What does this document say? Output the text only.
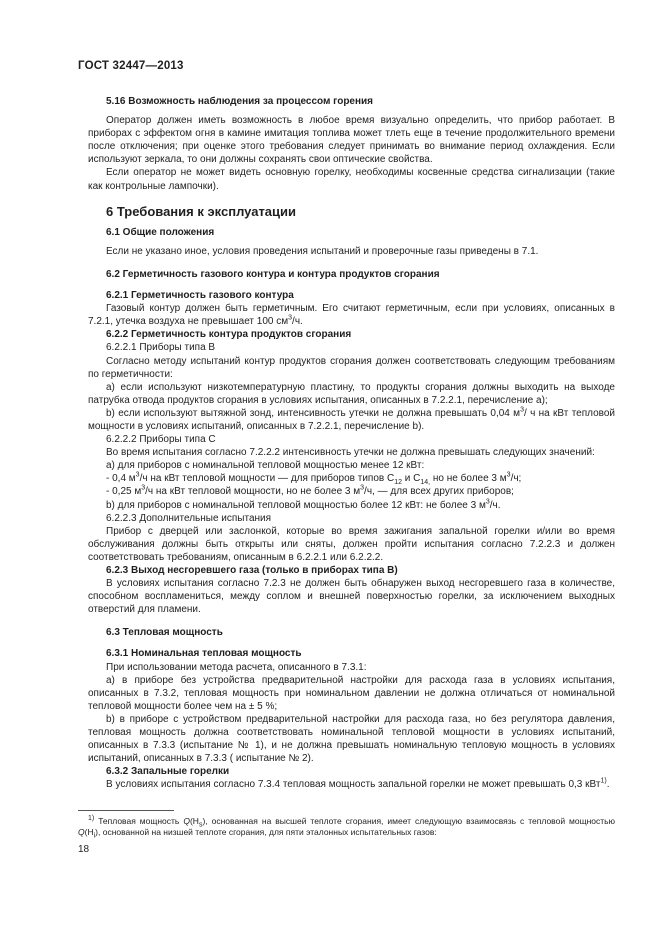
ГОСТ 32447—2013

5.16 Возможность наблюдения за процессом горения

Оператор должен иметь возможность в любое время визуально определить, что прибор работает. В приборах с эффектом огня в камине имитация топлива может тлеть еще в течение продолжительного времени после отключения; при оценке этого требования следует принимать во внимание период охлаждения. Если используют зеркала, то они должны сохранять свои оптические свойства.

Если оператор не может видеть основную горелку, необходимы косвенные средства сигнализации (такие как контрольные лампочки).

6 Требования к эксплуатации

6.1 Общие положения

Если не указано иное, условия проведения испытаний и проверочные газы приведены в 7.1.

6.2 Герметичность газового контура и контура продуктов сгорания

6.2.1 Герметичность газового контура

Газовый контур должен быть герметичным. Его считают герметичным, если при условиях, описанных в 7.2.1, утечка воздуха не превышает 100 $см^3/ч$.

6.2.2 Герметичность контура продуктов сгорания

6.2.2.1 Приборы типа В

Согласно методу испытаний контур продуктов сгорания должен соответствовать следующим требованиям по герметичности:

а) если используют низкотемпературную пластину, то продукты сгорания должны выходить на выходе патрубка отвода продуктов сгорания в условиях испытания, описанных в 7.2.2.1, перечисление а);

b) если используют вытяжной зонд, интенсивность утечки не должна превышать 0,04 $м^3/$ ч на кВт тепловой мощности в условиях испытаний, описанных в 7.2.2.1, перечисление b).

6.2.2.2 Приборы типа С

Во время испытания согласно 7.2.2.2 интенсивность утечки не должна превышать следующих значений:

а) для приборов с номинальной тепловой мощностью менее 12 кВт:

- 0,4 $м^3/ч$ на кВт тепловой мощности — для приборов типов $С_{12}$ и $С_{14,}$ но не более 3 $м^3/ч$;

- 0,25 $м^3/ч$ на кВт тепловой мощности, но не более 3 $м^3/ч$, — для всех других приборов;

b) для приборов с номинальной тепловой мощностью более 12 кВт: не более 3 $м^3/ч$.

6.2.2.3 Дополнительные испытания

Прибор с дверцей или заслонкой, которые во время зажигания запальной горелки и/или во время обслуживания должны быть открыты или сняты, должен пройти испытания согласно 7.2.2.3 и должен соответствовать требованиям, описанным в 6.2.2.1 или 6.2.2.2.

6.2.3 Выход несгоревшего газа (только в приборах типа В)

В условиях испытания согласно 7.2.3 не должен быть обнаружен выход несгоревшего газа в количестве, способном воспламениться, между соплом и внешней поверхностью горелки, за исключением выходных отверстий для пламени.

6.3 Тепловая мощность

6.3.1 Номинальная тепловая мощность

При использовании метода расчета, описанного в 7.3.1:

а) в приборе без устройства предварительной настройки для расхода газа в условиях испытания, описанных в 7.3.2, тепловая мощность при номинальном давлении не должна отличаться от номинальной тепловой мощности более чем на ± 5 %;

b) в приборе с устройством предварительной настройки для расхода газа, но без регулятора давления, тепловая мощность должна соответствовать номинальной тепловой мощности в условиях испытаний, описанных в 7.3.3 (испытание № 1), и не должна превышать номинальную тепловую мощность в условиях испытаний, описанных в 7.3.3 ( испытание № 2).

6.3.2 Запальные горелки

В условиях испытания согласно 7.3.4 тепловая мощность запальной горелки не может превышать 0,3 кВт$^{1)}$.

$^{1)}$ Тепловая мощность $Q(H_s)$, основанная на высшей теплоте сгорания, имеет следующую взаимосвязь с тепловой мощностью $Q(H_i)$, основанной на низшей теплоте сгорания, для пяти эталонных испытательных газов:
18
